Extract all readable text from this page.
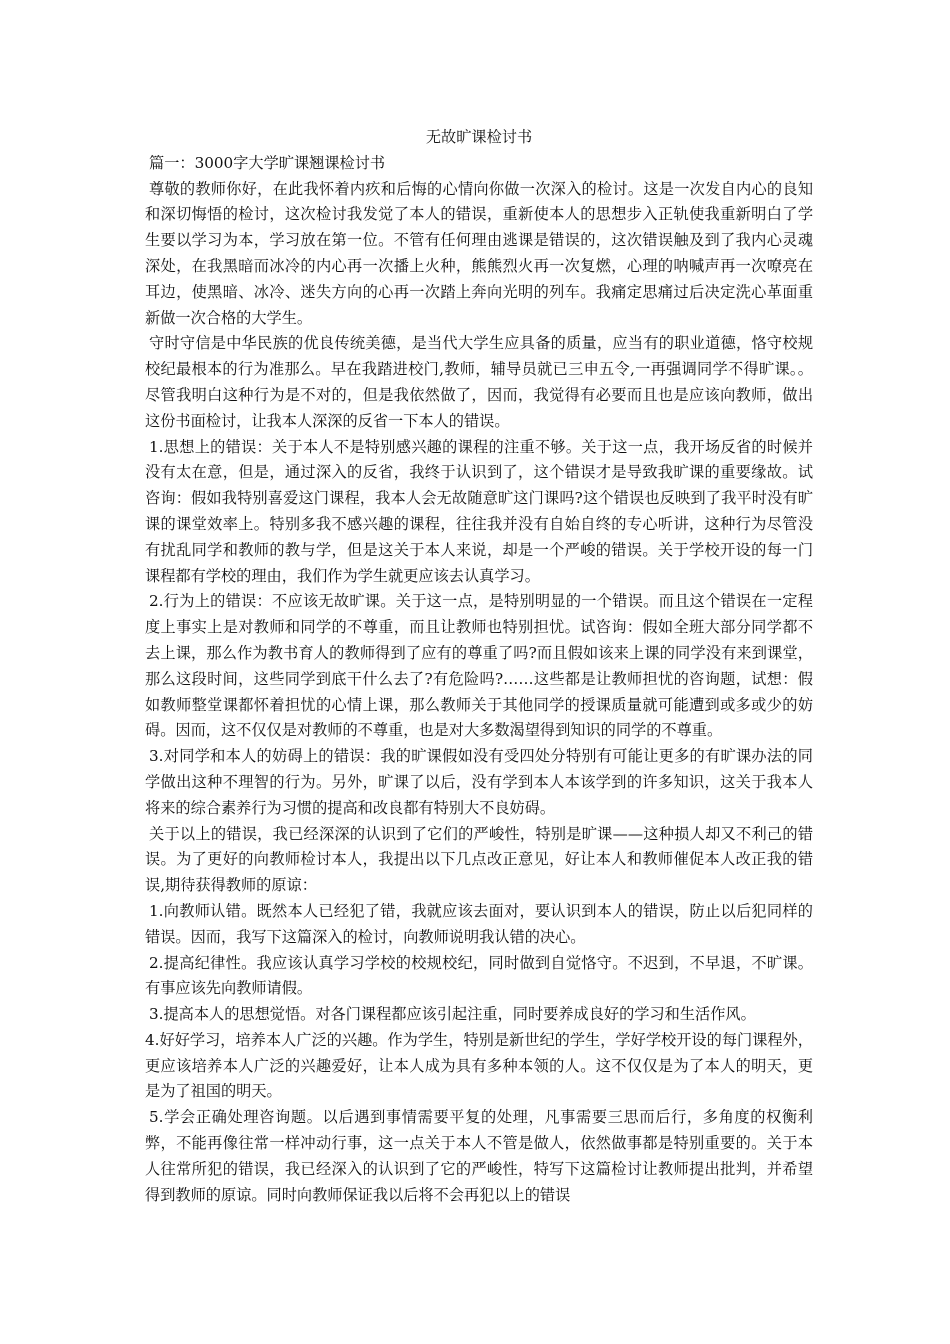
无故旷课检讨书
篇一：3000字大学旷课翘课检讨书

尊敬的教师你好，在此我怀着内疚和后悔的心情向你做一次深入的检讨。这是一次发自内心的良知和深切悔悟的检讨，这次检讨我发觉了本人的错误，重新使本人的思想步入正轨使我重新明白了学生要以学习为本，学习放在第一位。不管有任何理由逃课是错误的，这次错误触及到了我内心灵魂深处，在我黑暗而冰冷的内心再一次播上火种，熊熊烈火再一次复燃，心理的呐喊声再一次嘹亮在耳边，使黑暗、冰冷、迷失方向的心再一次踏上奔向光明的列车。我痛定思痛过后决定洗心革面重新做一次合格的大学生。

守时守信是中华民族的优良传统美德，是当代大学生应具备的质量，应当有的职业道德，恪守校规校纪最根本的行为准那么。早在我踏进校门,教师，辅导员就已三申五令,一再强调同学不得旷课。。尽管我明白这种行为是不对的，但是我依然做了，因而，我觉得有必要而且也是应该向教师，做出这份书面检讨，让我本人深深的反省一下本人的错误。

1.思想上的错误：关于本人不是特别感兴趣的课程的注重不够。关于这一点，我开场反省的时候并没有太在意，但是，通过深入的反省，我终于认识到了，这个错误才是导致我旷课的重要缘故。试咨询：假如我特别喜爱这门课程，我本人会无故随意旷这门课吗?这个错误也反映到了我平时没有旷课的课堂效率上。特别多我不感兴趣的课程，往往我并没有自始自终的专心听讲，这种行为尽管没有扰乱同学和教师的教与学，但是这关于本人来说，却是一个严峻的错误。关于学校开设的每一门课程都有学校的理由，我们作为学生就更应该去认真学习。

2.行为上的错误：不应该无故旷课。关于这一点，是特别明显的一个错误。而且这个错误在一定程度上事实上是对教师和同学的不尊重，而且让教师也特别担忧。试咨询：假如全班大部分同学都不去上课，那么作为教书育人的教师得到了应有的尊重了吗?而且假如该来上课的同学没有来到课堂，那么这段时间，这些同学到底干什么去了?有危险吗?……这些都是让教师担忧的咨询题，试想：假如教师整堂课都怀着担忧的心情上课，那么教师关于其他同学的授课质量就可能遭到或多或少的妨碍。因而，这不仅仅是对教师的不尊重，也是对大多数渴望得到知识的同学的不尊重。

3.对同学和本人的妨碍上的错误：我的旷课假如没有受四处分特别有可能让更多的有旷课办法的同学做出这种不理智的行为。另外，旷课了以后，没有学到本人本该学到的许多知识，这关于我本人将来的综合素养行为习惯的提高和改良都有特别大不良妨碍。

关于以上的错误，我已经深深的认识到了它们的严峻性，特别是旷课——这种损人却又不利己的错误。为了更好的向教师检讨本人，我提出以下几点改正意见，好让本人和教师催促本人改正我的错误,期待获得教师的原谅：

1.向教师认错。既然本人已经犯了错，我就应该去面对，要认识到本人的错误，防止以后犯同样的错误。因而，我写下这篇深入的检讨，向教师说明我认错的决心。

2.提高纪律性。我应该认真学习学校的校规校纪，同时做到自觉恪守。不迟到，不早退，不旷课。有事应该先向教师请假。

3.提高本人的思想觉悟。对各门课程都应该引起注重，同时要养成良好的学习和生活作风。

4.好好学习，培养本人广泛的兴趣。作为学生，特别是新世纪的学生，学好学校开设的每门课程外，更应该培养本人广泛的兴趣爱好，让本人成为具有多种本领的人。这不仅仅是为了本人的明天，更是为了祖国的明天。

5.学会正确处理咨询题。以后遇到事情需要平复的处理，凡事需要三思而后行，多角度的权衡利弊，不能再像往常一样冲动行事，这一点关于本人不管是做人，依然做事都是特别重要的。关于本人往常所犯的错误，我已经深入的认识到了它的严峻性，特写下这篇检讨让教师提出批判，并希望得到教师的原谅。同时向教师保证我以后将不会再犯以上的错误
